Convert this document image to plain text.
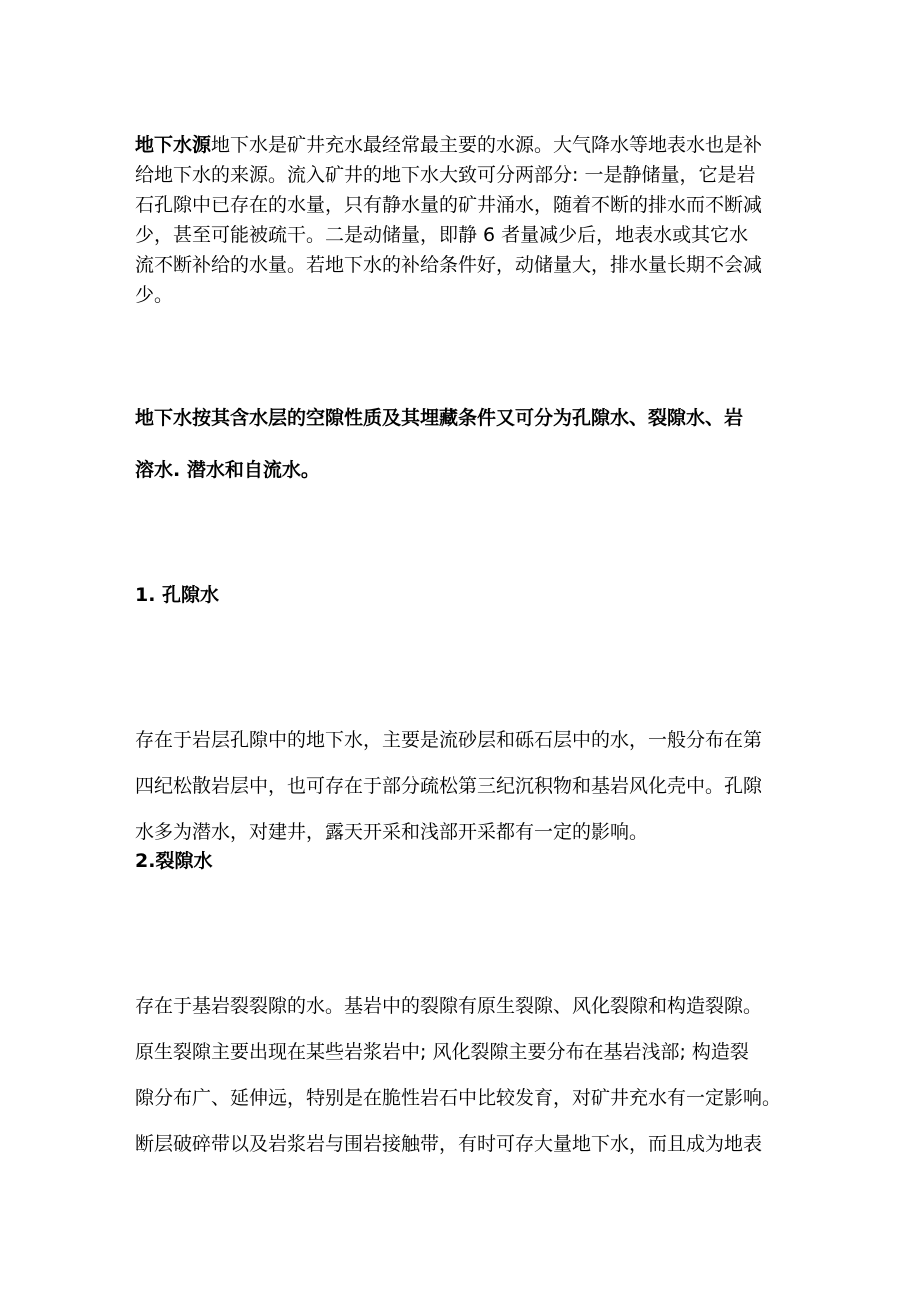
地下水源地下水是矿井充水最经常最主要的水源。大气降水等地表水也是补
给地下水的来源。流入矿井的地下水大致可分两部分: 一是静储量，它是岩
石孔隙中已存在的水量，只有静水量的矿井涌水，随着不断的排水而不断减
少，甚至可能被疏干。二是动储量，即静 6 者量减少后，地表水或其它水
流不断补给的水量。若地下水的补给条件好，动储量大，排水量长期不会减
少。
地下水按其含水层的空隙性质及其埋藏条件又可分为孔隙水、裂隙水、岩
溶水. 潜水和自流水。
1. 孔隙水
存在于岩层孔隙中的地下水，主要是流砂层和砾石层中的水，一般分布在第
四纪松散岩层中，也可存在于部分疏松第三纪沉积物和基岩风化壳中。孔隙
水多为潜水，对建井，露天开采和浅部开采都有一定的影响。
2.裂隙水
存在于基岩裂裂隙的水。基岩中的裂隙有原生裂隙、风化裂隙和构造裂隙。
原生裂隙主要出现在某些岩浆岩中; 风化裂隙主要分布在基岩浅部; 构造裂
隙分布广、延伸远，特别是在脆性岩石中比较发育，对矿井充水有一定影响。
断层破碎带以及岩浆岩与围岩接触带，有时可存大量地下水，而且成为地表
